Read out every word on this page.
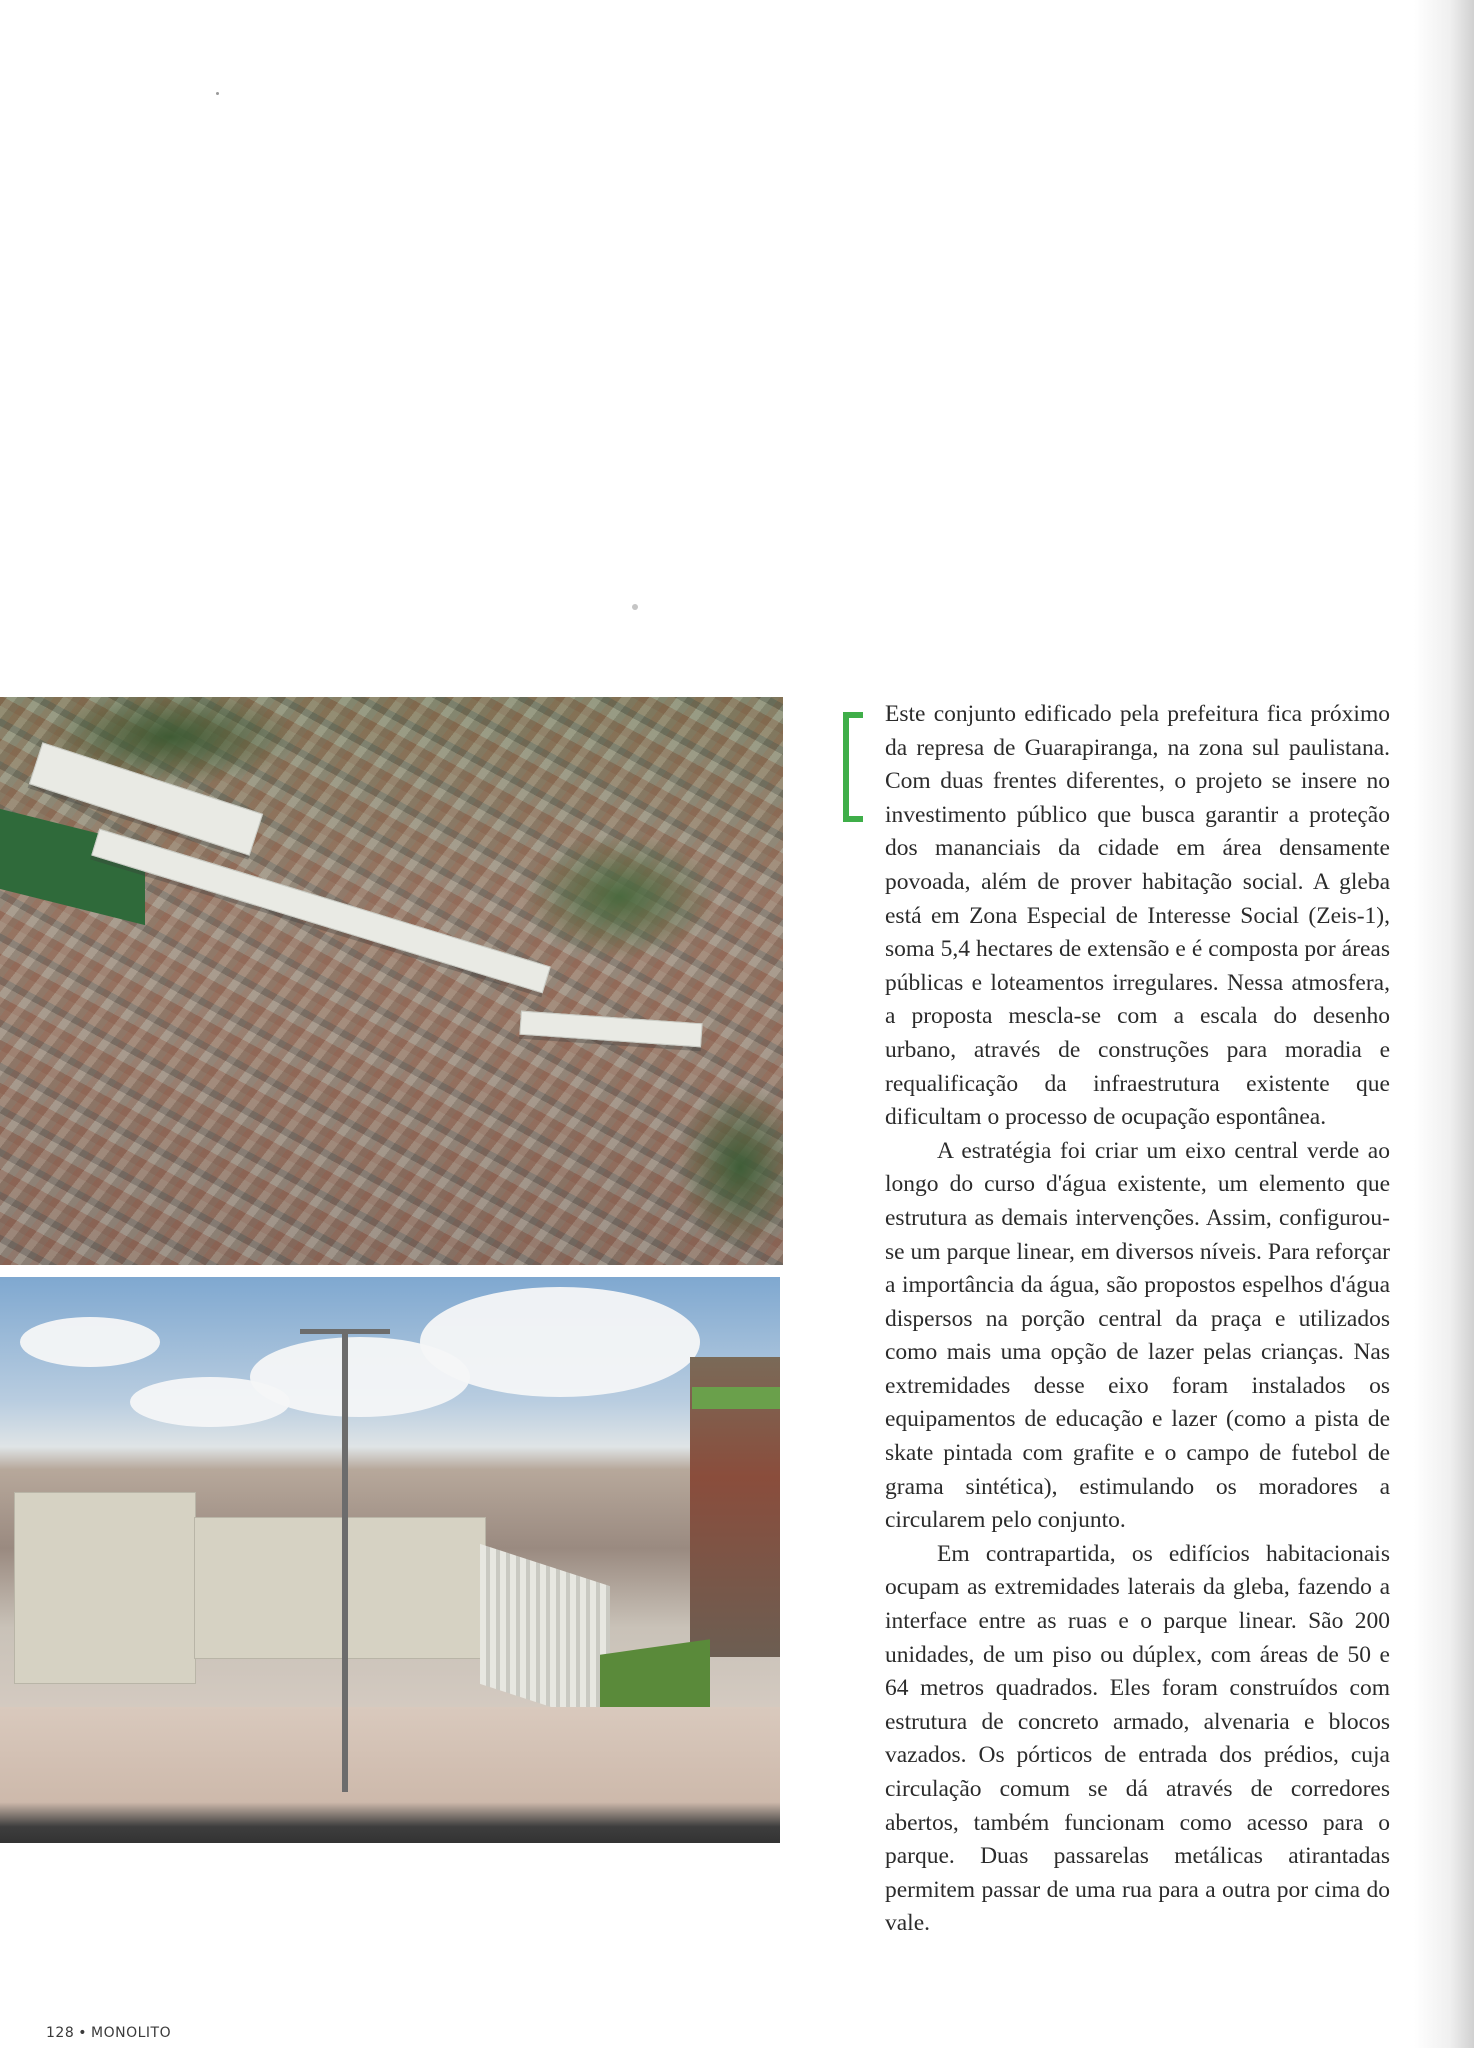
Este conjunto edificado pela prefeitura fica próximo da represa de Guarapiranga, na zona sul paulistana. Com duas frentes diferentes, o projeto se insere no investimento público que busca garantir a proteção dos mananciais da cidade em área densamente povoada, além de prover habitação social. A gleba está em Zona Especial de Interesse Social (Zeis-1), soma 5,4 hectares de extensão e é composta por áreas públicas e loteamentos irregulares. Nessa atmosfera, a proposta mescla-se com a escala do desenho urbano, através de construções para moradia e requalificação da infraestrutura existente que dificultam o processo de ocupação espontânea.

A estratégia foi criar um eixo central verde ao longo do curso d'água existente, um elemento que estrutura as demais intervenções. Assim, configurou-se um parque linear, em diversos níveis. Para reforçar a importância da água, são propostos espelhos d'água dispersos na porção central da praça e utilizados como mais uma opção de lazer pelas crianças. Nas extremidades desse eixo foram instalados os equipamentos de educação e lazer (como a pista de skate pintada com grafite e o campo de futebol de grama sintética), estimulando os moradores a circularem pelo conjunto.

Em contrapartida, os edifícios habitacionais ocupam as extremidades laterais da gleba, fazendo a interface entre as ruas e o parque linear. São 200 unidades, de um piso ou dúplex, com áreas de 50 e 64 metros quadrados. Eles foram construídos com estrutura de concreto armado, alvenaria e blocos vazados. Os pórticos de entrada dos prédios, cuja circulação comum se dá através de corredores abertos, também funcionam como acesso para o parque. Duas passarelas metálicas atirantadas permitem passar de uma rua para a outra por cima do vale.

128 • MONOLITO
